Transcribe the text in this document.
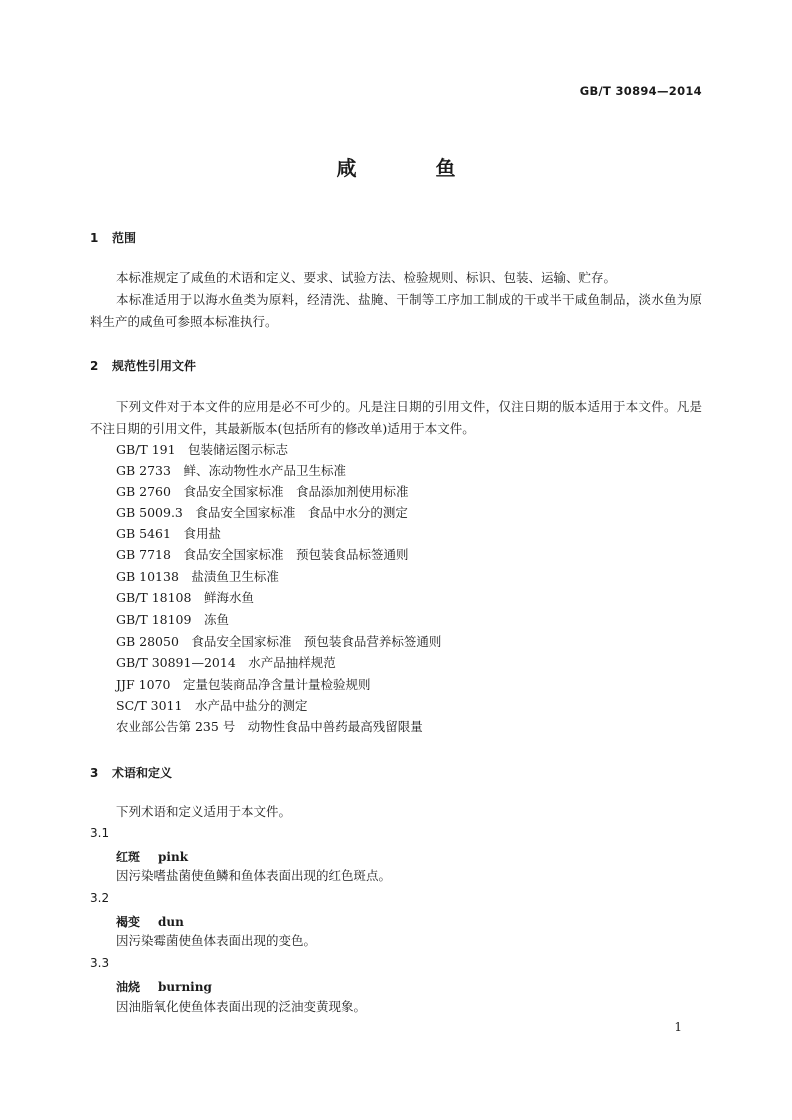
GB/T 30894—2014
咸 鱼
1 范围
本标准规定了咸鱼的术语和定义、要求、试验方法、检验规则、标识、包装、运输、贮存。
本标准适用于以海水鱼类为原料，经清洗、盐腌、干制等工序加工制成的干或半干咸鱼制品，淡水鱼为原料生产的咸鱼可参照本标准执行。
2 规范性引用文件
下列文件对于本文件的应用是必不可少的。凡是注日期的引用文件，仅注日期的版本适用于本文件。凡是不注日期的引用文件，其最新版本(包括所有的修改单)适用于本文件。
GB/T 191　包装储运图示标志
GB 2733　鲜、冻动物性水产品卫生标准
GB 2760　食品安全国家标准　食品添加剂使用标准
GB 5009.3　食品安全国家标准　食品中水分的测定
GB 5461　食用盐
GB 7718　食品安全国家标准　预包装食品标签通则
GB 10138　盐渍鱼卫生标准
GB/T 18108　鲜海水鱼
GB/T 18109　冻鱼
GB 28050　食品安全国家标准　预包装食品营养标签通则
GB/T 30891—2014　水产品抽样规范
JJF 1070　定量包装商品净含量计量检验规则
SC/T 3011　水产品中盐分的测定
农业部公告第 235 号　动物性食品中兽药最高残留限量
3 术语和定义
下列术语和定义适用于本文件。
3.1
红斑 pink
因污染嗜盐菌使鱼鳞和鱼体表面出现的红色斑点。
3.2
褐变 dun
因污染霉菌使鱼体表面出现的变色。
3.3
油烧 burning
因油脂氧化使鱼体表面出现的泛油变黄现象。
1
